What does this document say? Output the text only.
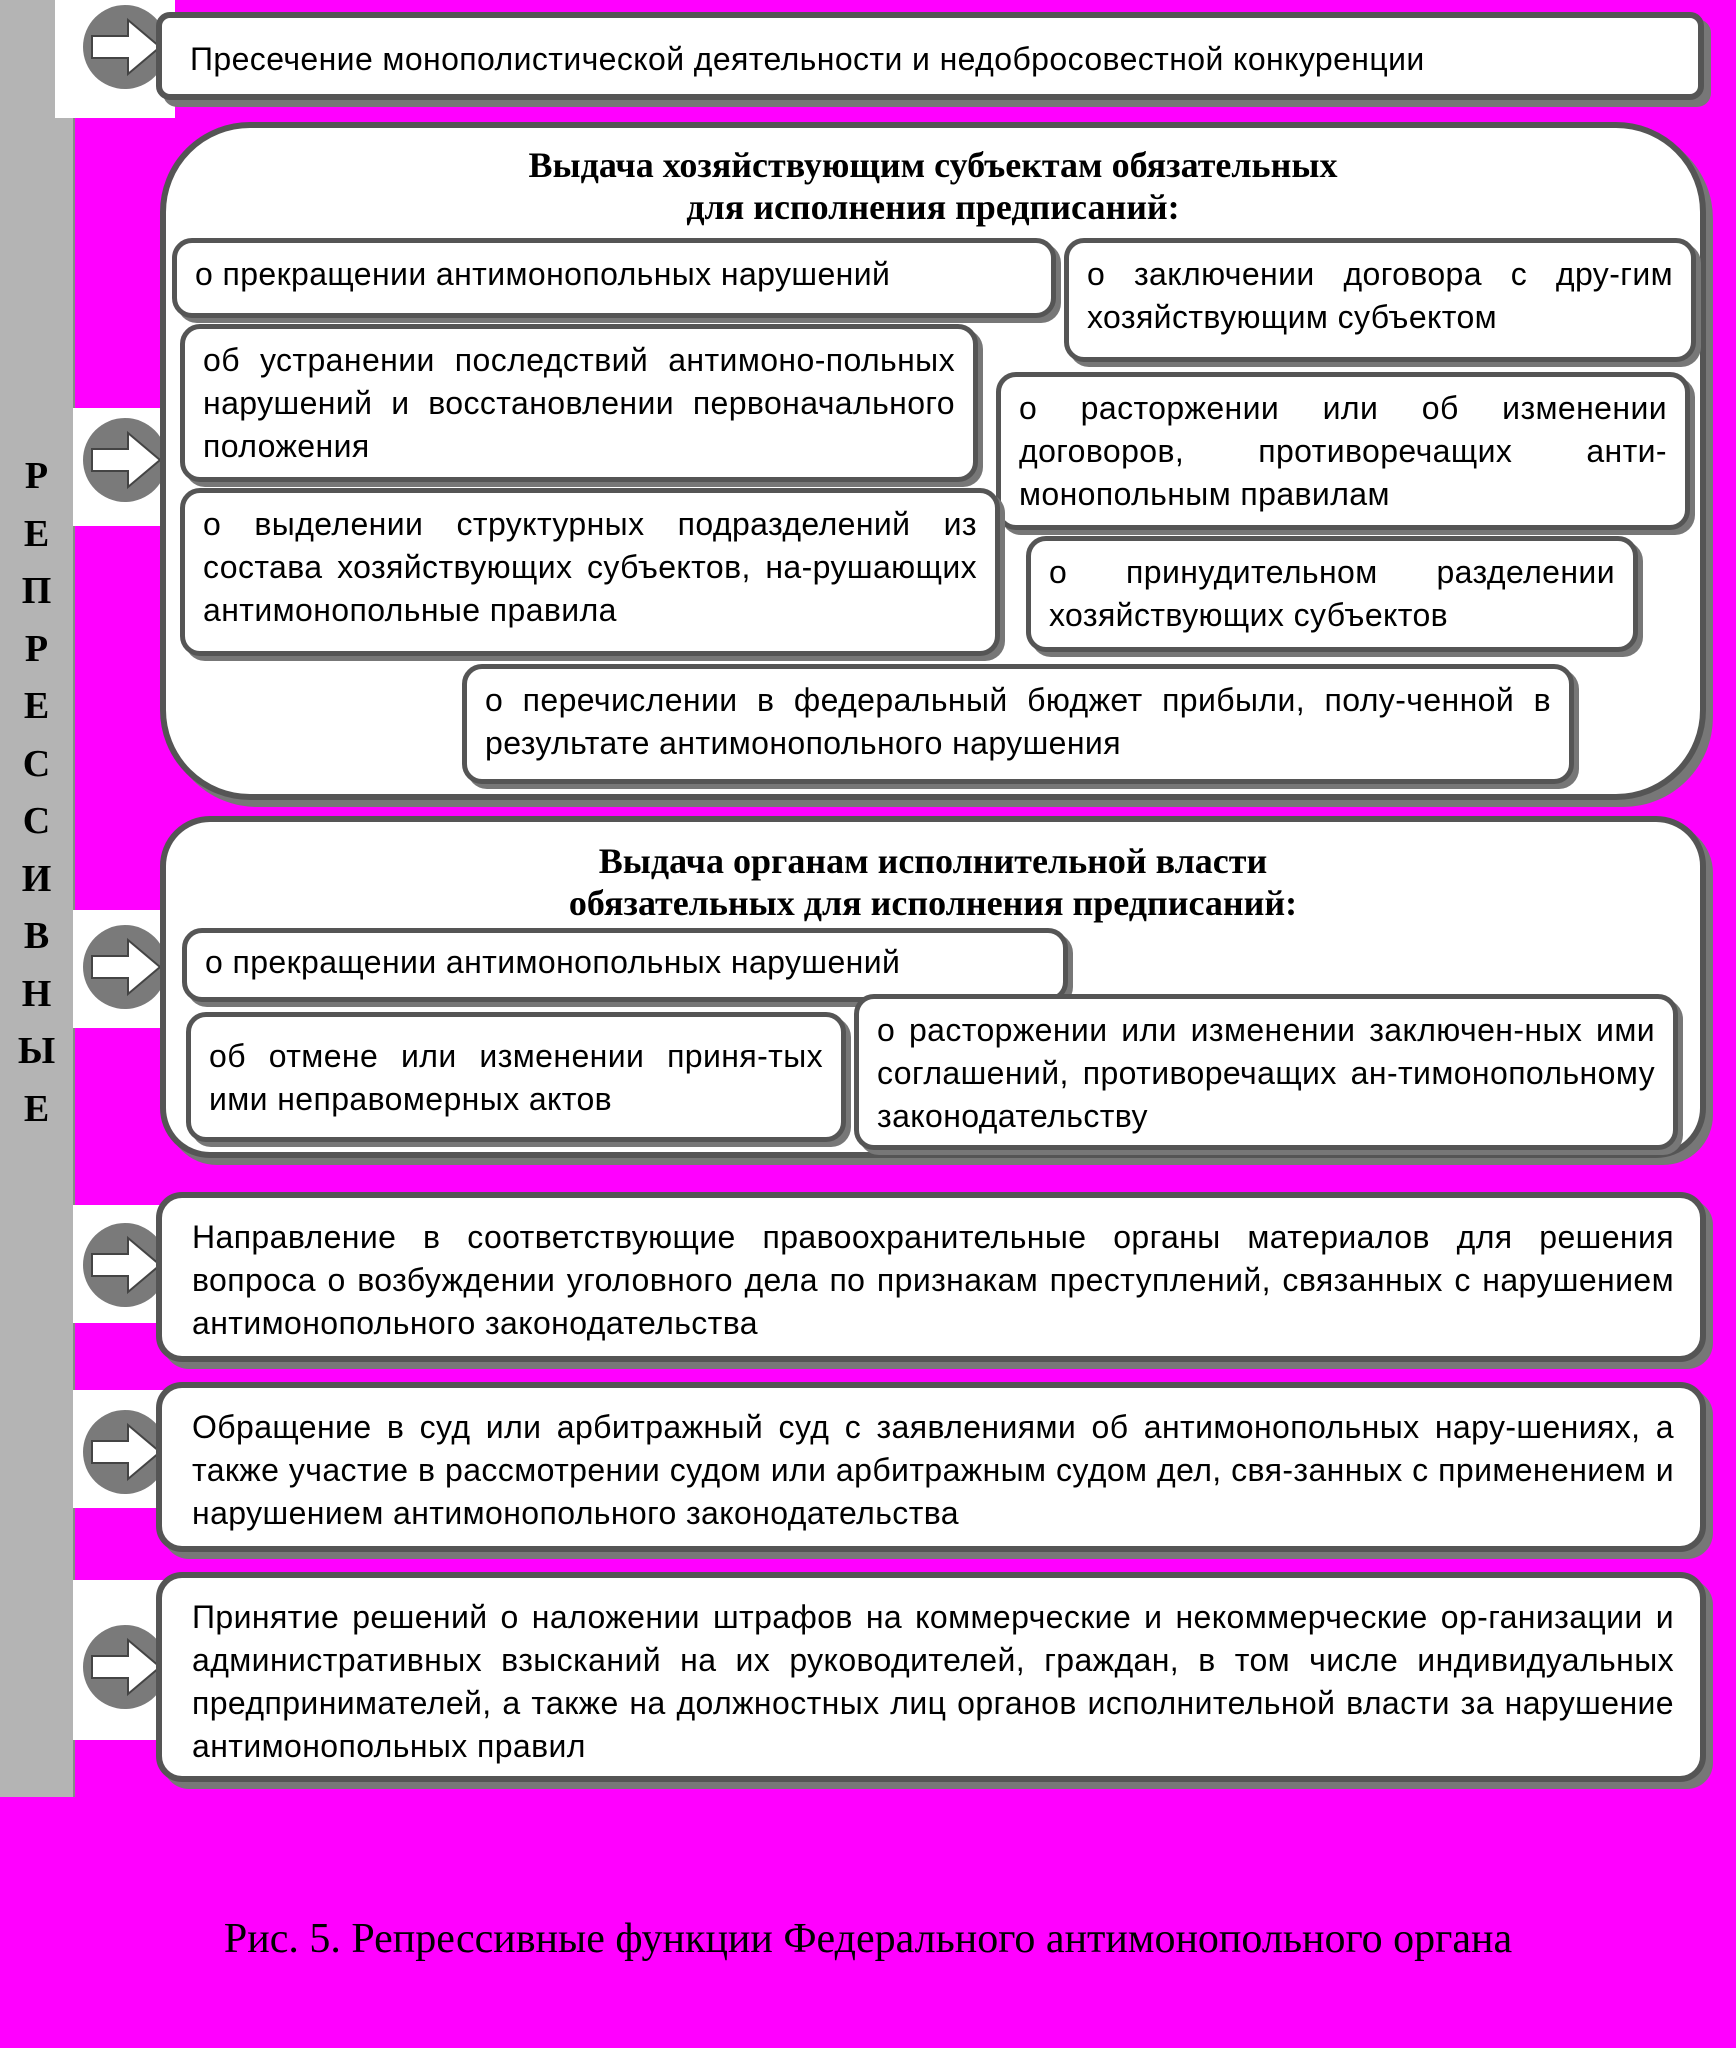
Р
Е
П
Р
Е
С
С
И
В
Н
Ы
Е
Пресечение монополистической деятельности и недобросовестной конкуренции
Выдача хозяйствующим субъектам обязательных
для исполнения предписаний:
о прекращении антимонопольных нарушений	о заключении договора с дру-гим хозяйствующим субъектом
об устранении последствий антимоно-польных нарушений и восстановлении первоначального положения
о расторжении или об изменении договоров, противоречащих анти-монопольным правилам
о выделении структурных подразделений из состава хозяйствующих субъектов, на-рушающих антимонопольные правила
о принудительном разделении хозяйствующих субъектов
о перечислении в федеральный бюджет прибыли, полу-ченной в результате антимонопольного нарушения
Выдача органам исполнительной власти
обязательных для исполнения предписаний:
о прекращении антимонопольных нарушений
об отмене или изменении приня-тых ими неправомерных актов
о расторжении или изменении заключен-ных ими соглашений, противоречащих ан-тимонопольному законодательству
Направление в соответствующие правоохранительные органы материалов для решения вопроса о возбуждении уголовного дела по признакам преступлений, связанных с нарушением антимонопольного законодательства
Обращение в суд или арбитражный суд с заявлениями об антимонопольных нару-шениях, а также участие в рассмотрении судом или арбитражным судом дел, свя-занных с применением и нарушением антимонопольного законодательства
Принятие решений о наложении штрафов на коммерческие и некоммерческие ор-ганизации и административных взысканий на их руководителей, граждан, в том числе индивидуальных предпринимателей, а также на должностных лиц органов исполнительной власти за нарушение антимонопольных правил
Рис. 5. Репрессивные функции Федерального антимонопольного органа
